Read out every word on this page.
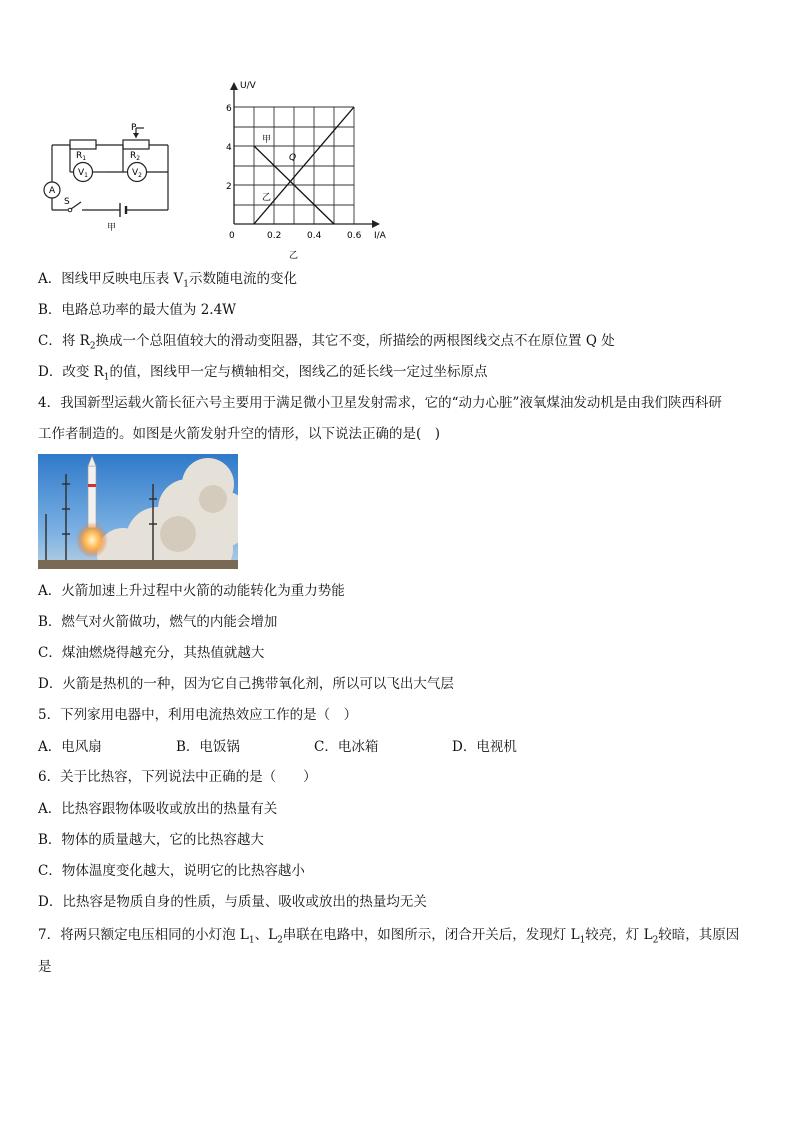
P
$R_1$	$R_2$
$V_1$	$V_2$
A
S
甲
U/V
I/A
0
2
4
6
0.2	0.4	0.6
甲
乙
Q
乙
A．图线甲反映电压表 $V_1$示数随电流的变化
B．电路总功率的最大值为 2.4W
C．将 $R_2$换成一个总阻值较大的滑动变阻器，其它不变，所描绘的两根图线交点不在原位置 Q 处
D．改变 $R_1$的值，图线甲一定与横轴相交，图线乙的延长线一定过坐标原点
4．我国新型运载火箭长征六号主要用于满足微小卫星发射需求，它的“动力心脏”液氧煤油发动机是由我们陕西科研
工作者制造的。如图是火箭发射升空的情形，以下说法正确的是(　)
A．火箭加速上升过程中火箭的动能转化为重力势能
B．燃气对火箭做功，燃气的内能会增加
C．煤油燃烧得越充分，其热值就越大
D．火箭是热机的一种，因为它自己携带氧化剂，所以可以飞出大气层
5．下列家用电器中，利用电流热效应工作的是（　）
A．电风扇	B．电饭锅	C．电冰箱	D．电视机
6．关于比热容，下列说法中正确的是（　　）
A．比热容跟物体吸收或放出的热量有关
B．物体的质量越大，它的比热容越大
C．物体温度变化越大，说明它的比热容越小
D．比热容是物质自身的性质，与质量、吸收或放出的热量均无关
7．将两只额定电压相同的小灯泡 $L_1$、$L_2$串联在电路中，如图所示，闭合开关后，发现灯 $L_1$较亮，灯 $L_2$较暗，其原因
是
